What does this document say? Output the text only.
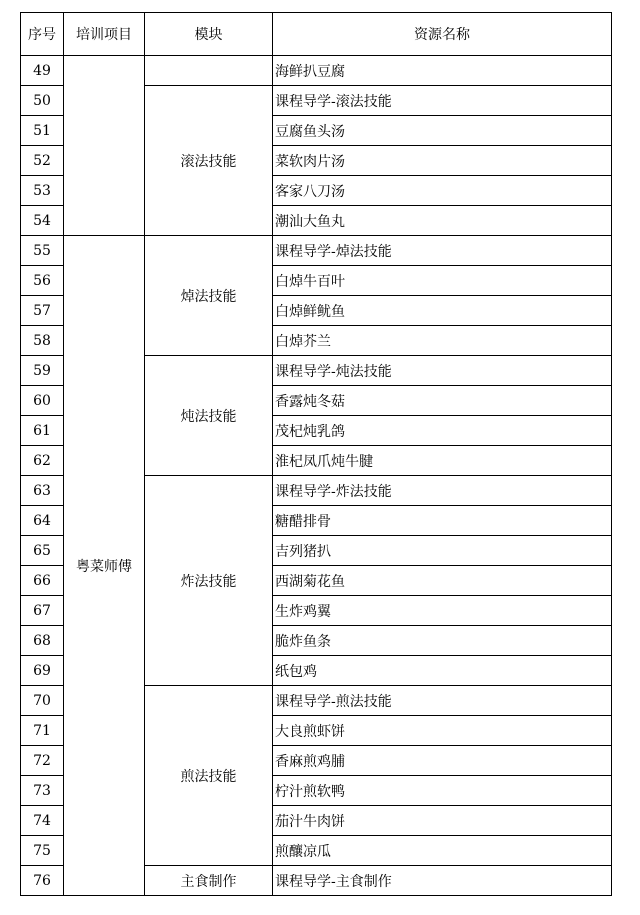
序号	培训项目	模块	资源名称
49			海鲜扒豆腐
50		滚法技能	课程导学-滚法技能
51			豆腐鱼头汤
52			菜软肉片汤
53			客家八刀汤
54			潮汕大鱼丸
55	粤菜师傅	焯法技能	课程导学-焯法技能
56			白焯牛百叶
57			白焯鲜鱿鱼
58			白焯芥兰
59		炖法技能	课程导学-炖法技能
60			香露炖冬菇
61			茂杞炖乳鸽
62			淮杞凤爪炖牛腱
63		炸法技能	课程导学-炸法技能
64			糖醋排骨
65			吉列猪扒
66			西湖菊花鱼
67			生炸鸡翼
68			脆炸鱼条
69			纸包鸡
70		煎法技能	课程导学-煎法技能
71			大良煎虾饼
72			香麻煎鸡脯
73			柠汁煎软鸭
74			茄汁牛肉饼
75			煎釀凉瓜
76		主食制作	课程导学-主食制作
